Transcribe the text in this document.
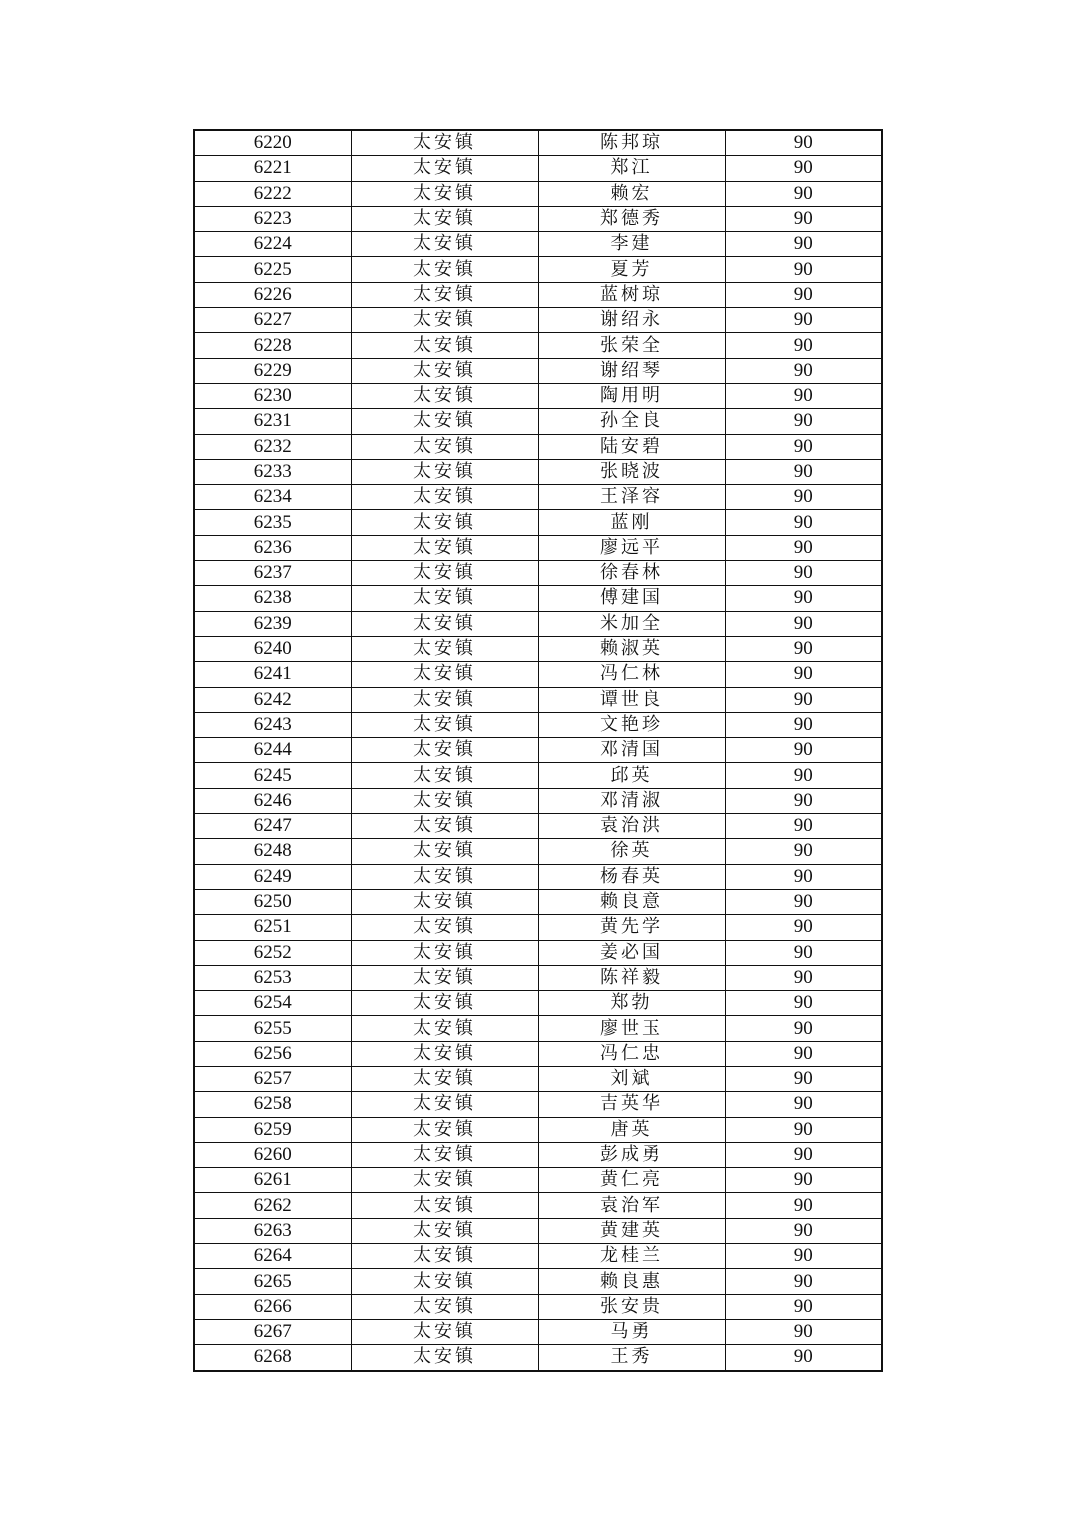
6220	太安镇	陈邦琼	90
6221	太安镇	郑江	90
6222	太安镇	赖宏	90
6223	太安镇	郑德秀	90
6224	太安镇	李建	90
6225	太安镇	夏芳	90
6226	太安镇	蓝树琼	90
6227	太安镇	谢绍永	90
6228	太安镇	张荣全	90
6229	太安镇	谢绍琴	90
6230	太安镇	陶用明	90
6231	太安镇	孙全良	90
6232	太安镇	陆安碧	90
6233	太安镇	张晓波	90
6234	太安镇	王泽容	90
6235	太安镇	蓝刚	90
6236	太安镇	廖远平	90
6237	太安镇	徐春林	90
6238	太安镇	傅建国	90
6239	太安镇	米加全	90
6240	太安镇	赖淑英	90
6241	太安镇	冯仁林	90
6242	太安镇	谭世良	90
6243	太安镇	文艳珍	90
6244	太安镇	邓清国	90
6245	太安镇	邱英	90
6246	太安镇	邓清淑	90
6247	太安镇	袁治洪	90
6248	太安镇	徐英	90
6249	太安镇	杨春英	90
6250	太安镇	赖良意	90
6251	太安镇	黄先学	90
6252	太安镇	姜必国	90
6253	太安镇	陈祥毅	90
6254	太安镇	郑勃	90
6255	太安镇	廖世玉	90
6256	太安镇	冯仁忠	90
6257	太安镇	刘斌	90
6258	太安镇	吉英华	90
6259	太安镇	唐英	90
6260	太安镇	彭成勇	90
6261	太安镇	黄仁亮	90
6262	太安镇	袁治军	90
6263	太安镇	黄建英	90
6264	太安镇	龙桂兰	90
6265	太安镇	赖良惠	90
6266	太安镇	张安贵	90
6267	太安镇	马勇	90
6268	太安镇	王秀	90
